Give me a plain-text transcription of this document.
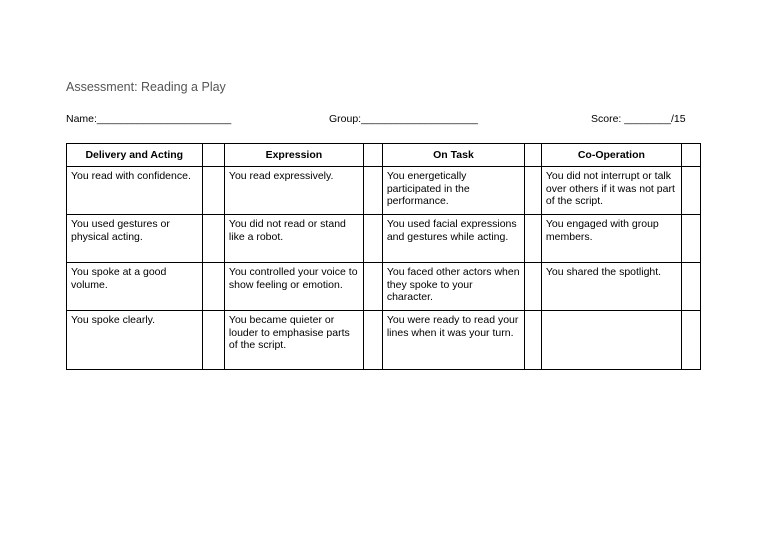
Assessment: Reading a Play
Name:_______________________	Group:____________________	Score: ________/15
Delivery and Acting		Expression		On Task		Co-Operation	
You read with confidence.		You read expressively.		You energetically participated in the performance.		You did not interrupt or talk over others if it was not part of the script.	
You used gestures or physical acting.		You did not read or stand like a robot.		You used facial expressions and gestures while acting.		You engaged with group members.	
You spoke at a good volume.		You controlled your voice to show feeling or emotion.		You faced other actors when they spoke to your character.		You shared the spotlight.	
You spoke clearly.		You became quieter or louder to emphasise parts of the script.		You were ready to read your lines when it was your turn.			
